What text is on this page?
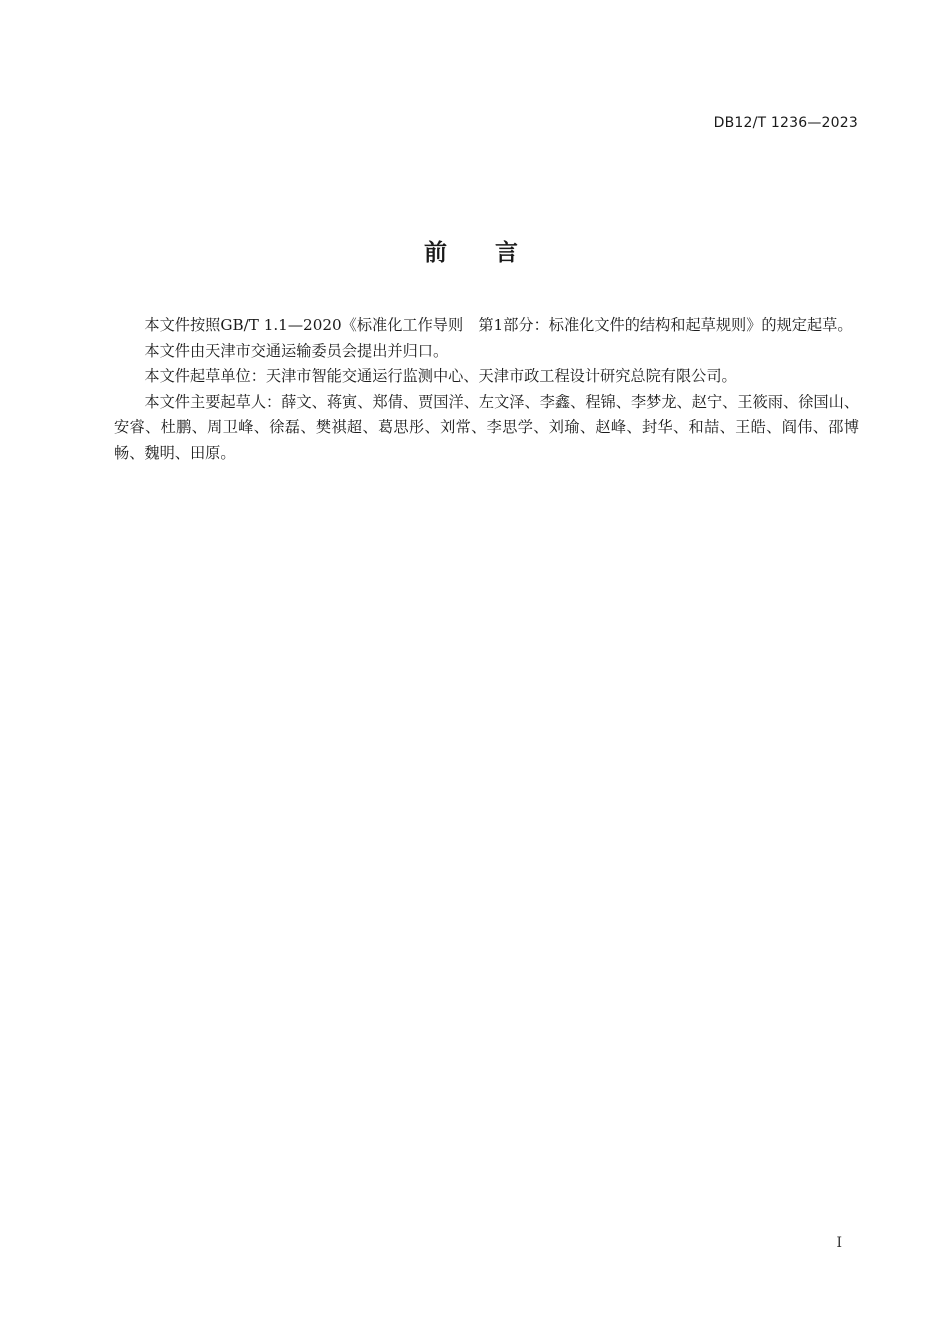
DB12/T 1236—2023
前 言

本文件按照GB/T 1.1—2020《标准化工作导则　第1部分：标准化文件的结构和起草规则》的规定起草。

本文件由天津市交通运输委员会提出并归口。

本文件起草单位：天津市智能交通运行监测中心、天津市政工程设计研究总院有限公司。

本文件主要起草人：薛文、蒋寅、郑倩、贾国洋、左文泽、李鑫、程锦、李梦龙、赵宁、王筱雨、徐国山、安睿、杜鹏、周卫峰、徐磊、樊祺超、葛思彤、刘常、李思学、刘瑜、赵峰、封华、和喆、王皓、阎伟、邵博畅、魏明、田原。

I
